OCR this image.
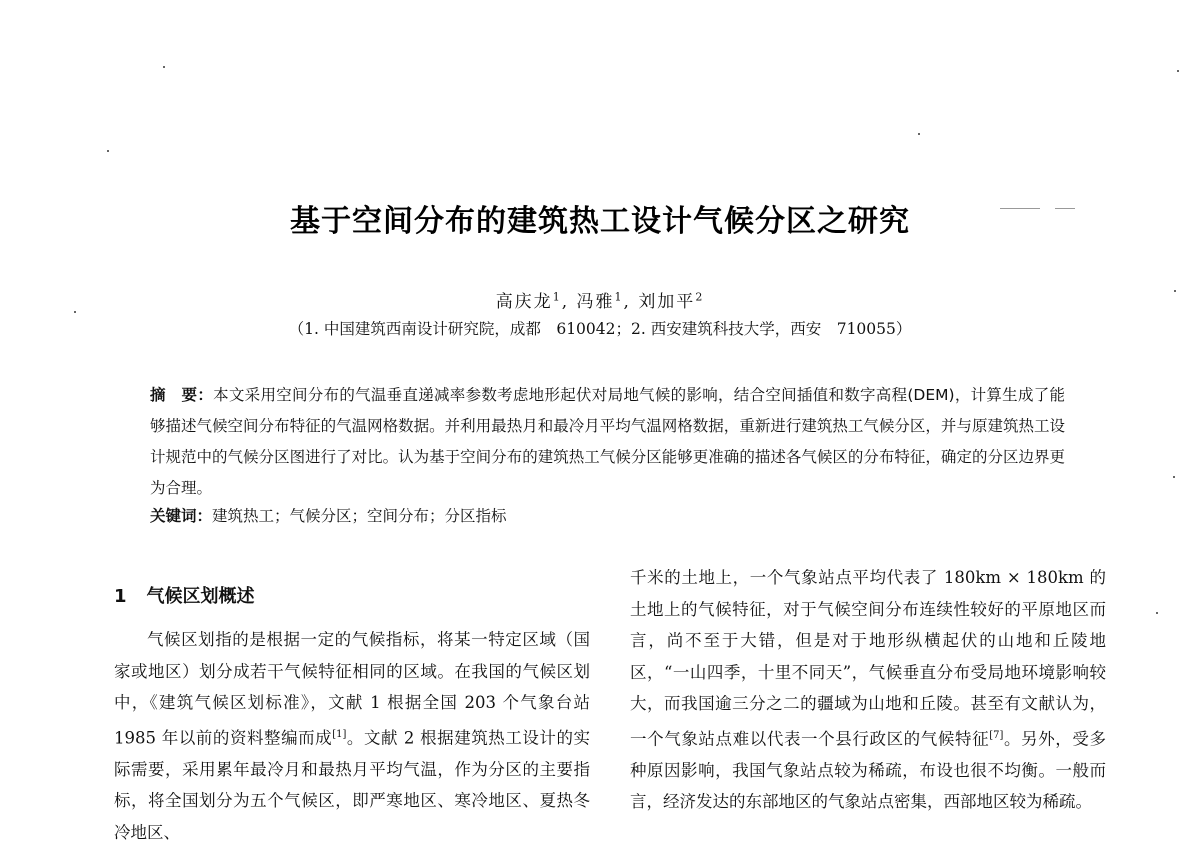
基于空间分布的建筑热工设计气候分区之研究
高庆龙$^1$, 冯雅$^1$, 刘加平$^2$
（1. 中国建筑西南设计研究院，成都　610042；2. 西安建筑科技大学，西安　710055）
摘　要：本文采用空间分布的气温垂直递减率参数考虑地形起伏对局地气候的影响，结合空间插值和数字高程(DEM)，计算生成了能够描述气候空间分布特征的气温网格数据。并利用最热月和最冷月平均气温网格数据，重新进行建筑热工气候分区，并与原建筑热工设计规范中的气候分区图进行了对比。认为基于空间分布的建筑热工气候分区能够更准确的描述各气候区的分布特征，确定的分区边界更为合理。
关键词：建筑热工；气候分区；空间分布；分区指标
1 气候区划概述

气候区划指的是根据一定的气候指标，将某一特定区域（国家或地区）划分成若干气候特征相同的区域。在我国的气候区划中，《建筑气候区划标准》，文献 1 根据全国 203 个气象台站 1985 年以前的资料整编而成[1]。文献 2 根据建筑热工设计的实际需要，采用累年最冷月和最热月平均气温，作为分区的主要指标，将全国划分为五个气候区，即严寒地区、寒冷地区、夏热冬冷地区、

千米的土地上，一个气象站点平均代表了 180km × 180km 的土地上的气候特征，对于气候空间分布连续性较好的平原地区而言，尚不至于大错，但是对于地形纵横起伏的山地和丘陵地区，“一山四季，十里不同天”，气候垂直分布受局地环境影响较大，而我国逾三分之二的疆域为山地和丘陵。甚至有文献认为，一个气象站点难以代表一个县行政区的气候特征[7]。另外，受多种原因影响，我国气象站点较为稀疏，布设也很不均衡。一般而言，经济发达的东部地区的气象站点密集，西部地区较为稀疏。
